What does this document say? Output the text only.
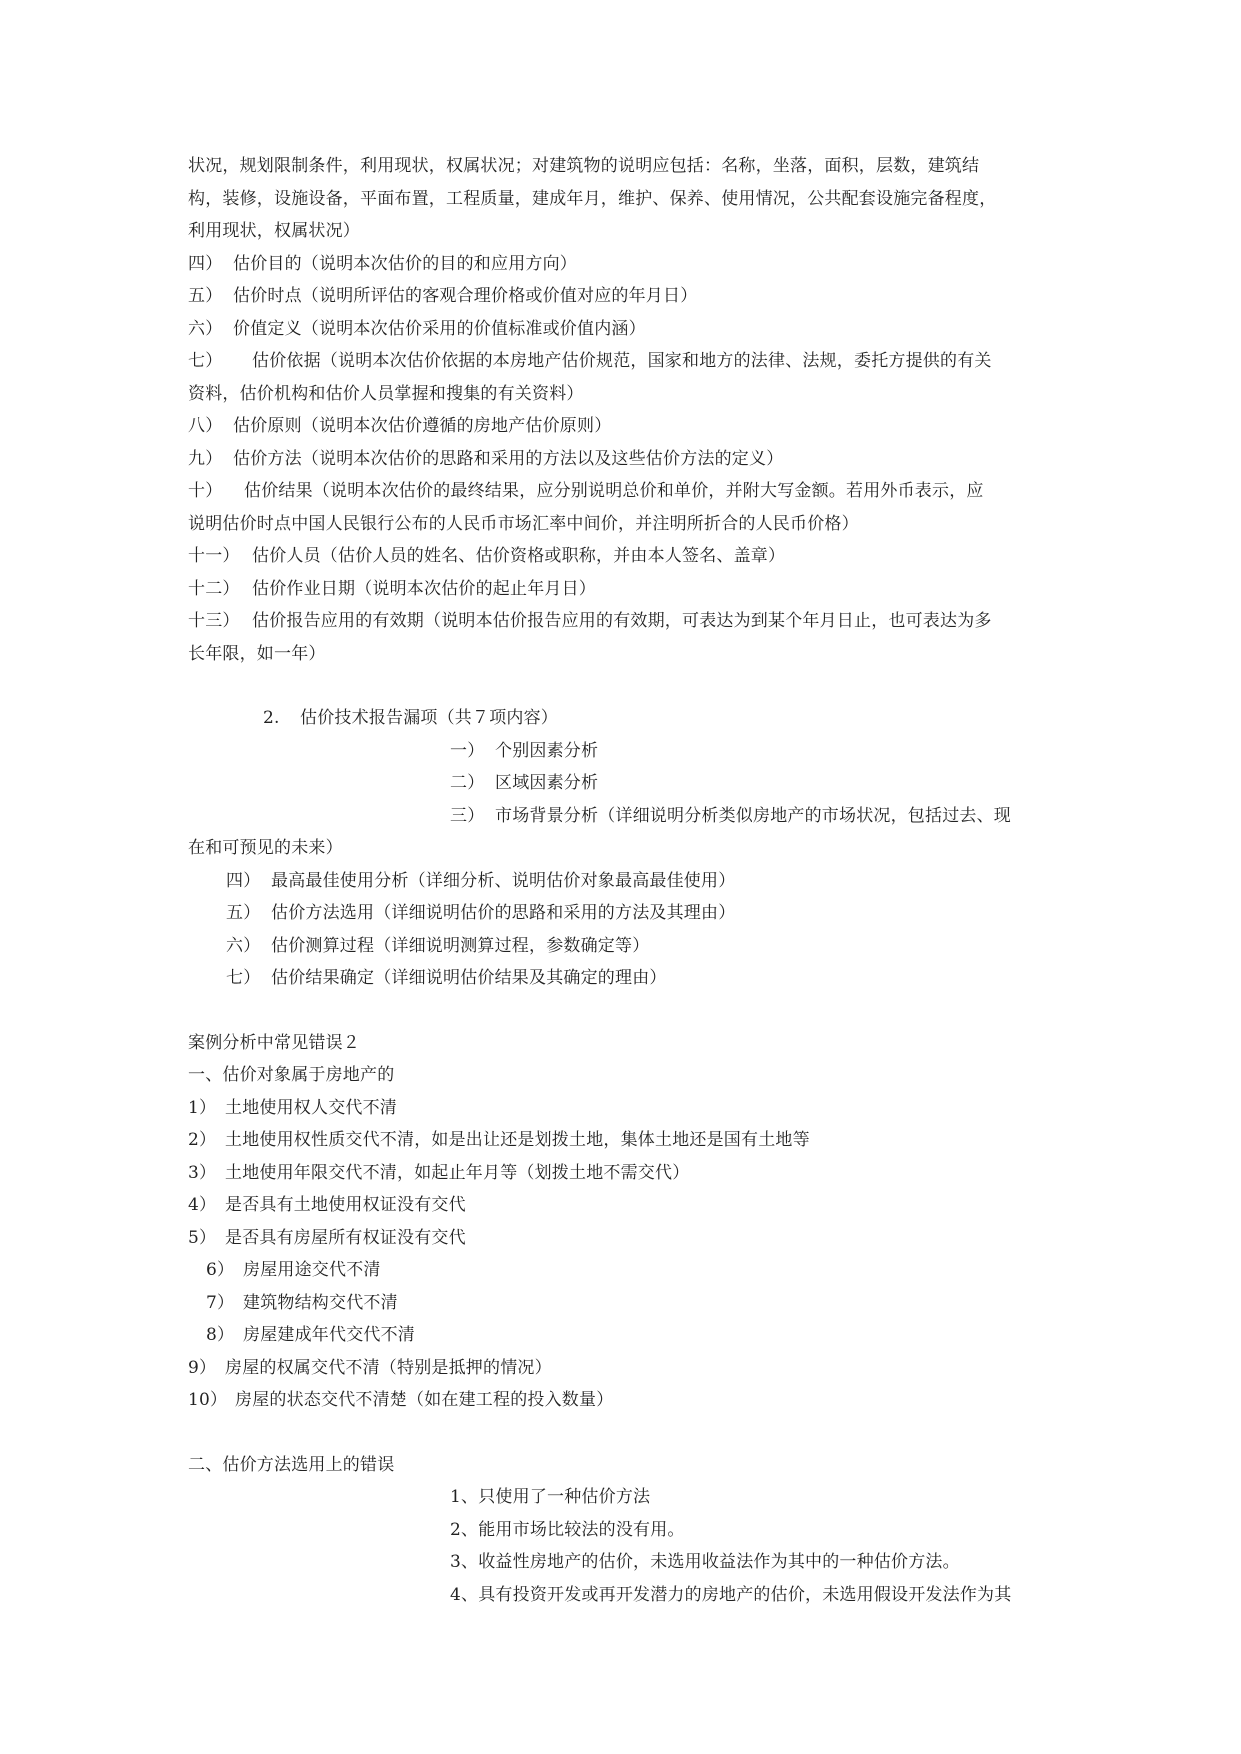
状况，规划限制条件，利用现状，权属状况；对建筑物的说明应包括：名称，坐落，面积，层数，建筑结
构，装修，设施设备，平面布置，工程质量，建成年月，维护、保养、使用情况，公共配套设施完备程度，
利用现状，权属状况）
四） 估价目的（说明本次估价的目的和应用方向）
五） 估价时点（说明所评估的客观合理价格或价值对应的年月日）
六） 价值定义（说明本次估价采用的价值标准或价值内涵）
七） 估价依据（说明本次估价依据的本房地产估价规范，国家和地方的法律、法规，委托方提供的有关
资料，估价机构和估价人员掌握和搜集的有关资料）
八） 估价原则（说明本次估价遵循的房地产估价原则）
九） 估价方法（说明本次估价的思路和采用的方法以及这些估价方法的定义）
十） 估价结果（说明本次估价的最终结果，应分别说明总价和单价，并附大写金额。若用外币表示，应
说明估价时点中国人民银行公布的人民币市场汇率中间价，并注明所折合的人民币价格）
十一） 估价人员（估价人员的姓名、估价资格或职称，并由本人签名、盖章）
十二） 估价作业日期（说明本次估价的起止年月日）
十三） 估价报告应用的有效期（说明本估价报告应用的有效期，可表达为到某个年月日止，也可表达为多
长年限，如一年）
2. 估价技术报告漏项（共７项内容）
一） 个别因素分析
二） 区域因素分析
三） 市场背景分析（详细说明分析类似房地产的市场状况，包括过去、现
在和可预见的未来）
四） 最高最佳使用分析（详细分析、说明估价对象最高最佳使用）
五） 估价方法选用（详细说明估价的思路和采用的方法及其理由）
六） 估价测算过程（详细说明测算过程，参数确定等）
七） 估价结果确定（详细说明估价结果及其确定的理由）
案例分析中常见错误２
一、估价对象属于房地产的
1） 土地使用权人交代不清
2） 土地使用权性质交代不清，如是出让还是划拨土地，集体土地还是国有土地等
3） 土地使用年限交代不清，如起止年月等（划拨土地不需交代）
4） 是否具有土地使用权证没有交代
5） 是否具有房屋所有权证没有交代
6） 房屋用途交代不清
7） 建筑物结构交代不清
8） 房屋建成年代交代不清
9） 房屋的权属交代不清（特别是抵押的情况）
10） 房屋的状态交代不清楚（如在建工程的投入数量）
二、估价方法选用上的错误
1、只使用了一种估价方法
2、能用市场比较法的没有用。
3、收益性房地产的估价，未选用收益法作为其中的一种估价方法。
4、具有投资开发或再开发潜力的房地产的估价，未选用假设开发法作为其
